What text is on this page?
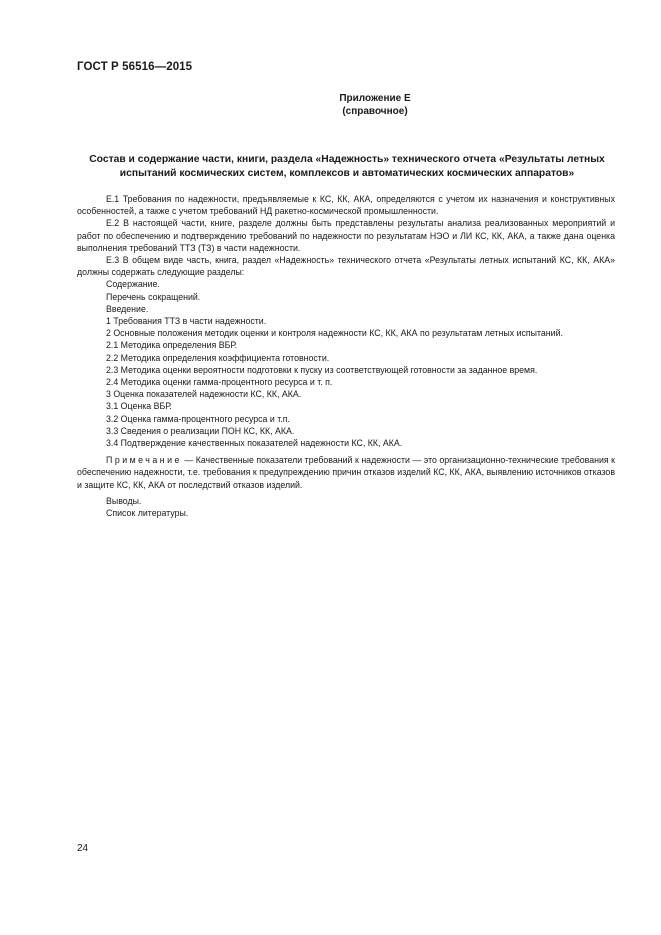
ГОСТ Р 56516—2015
Приложение Е
(справочное)
Состав и содержание части, книги, раздела «Надежность» технического отчета «Результаты летных испытаний космических систем, комплексов и автоматических космических аппаратов»

Е.1 Требования по надежности, предъявляемые к КС, КК, АКА, определяются с учетом их назначения и конструктивных особенностей, а также с учетом требований НД ракетно-космической промышленности.

Е.2 В настоящей части, книге, разделе должны быть представлены результаты анализа реализованных мероприятий и работ по обеспечению и подтверждению требований по надежности по результатам НЭО и ЛИ КС, КК, АКА, а также дана оценка выполнения требований ТТЗ (ТЗ) в части надежности.

Е.3 В общем виде часть, книга, раздел «Надежность» технического отчета «Результаты летных испытаний КС, КК, АКА» должны содержать следующие разделы:

Содержание.

Перечень сокращений.

Введение.

1 Требования ТТЗ в части надежности.

2 Основные положения методик оценки и контроля надежности КС, КК, АКА по результатам летных испытаний.

2.1 Методика определения ВБР.

2.2 Методика определения коэффициента готовности.

2.3 Методика оценки вероятности подготовки к пуску из соответствующей готовности за заданное время.

2.4 Методика оценки гамма-процентного ресурса и т. п.

3 Оценка показателей надежности КС, КК, АКА.

3.1 Оценка ВБР.

3.2 Оценка гамма-процентного ресурса и т.п.

3.3 Сведения о реализации ПОН КС, КК, АКА.

3.4 Подтверждение качественных показателей надежности КС, КК, АКА.

Примечание — Качественные показатели требований к надежности — это организационно-технические требования к обеспечению надежности, т.е. требования к предупреждению причин отказов изделий КС, КК, АКА, выявлению источников отказов и защите КС, КК, АКА от последствий отказов изделий.

Выводы.

Список литературы.

24
